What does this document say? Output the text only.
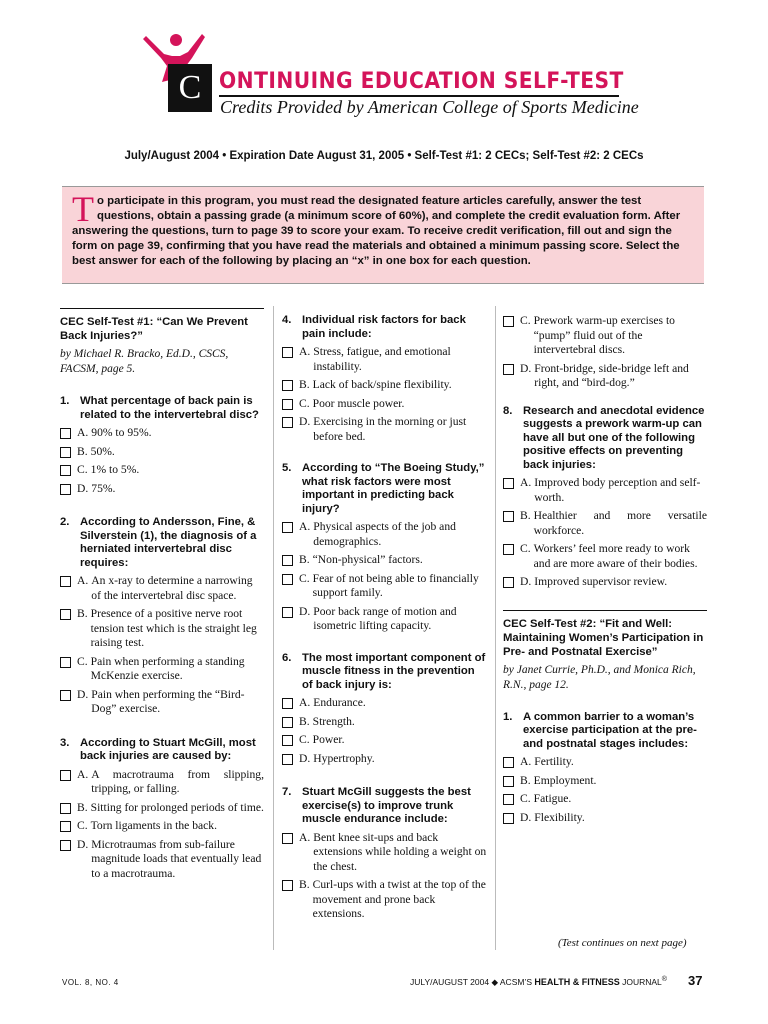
C ONTINUING EDUCATION SELF-TEST
Credits Provided by American College of Sports Medicine
July/August 2004 • Expiration Date August 31, 2005 • Self-Test #1: 2 CECs; Self-Test #2: 2 CECs
To participate in this program, you must read the designated feature articles carefully, answer the test questions, obtain a passing grade (a minimum score of 60%), and complete the credit evaluation form. After answering the questions, turn to page 39 to score your exam. To receive credit verification, fill out and sign the form on page 39, confirming that you have read the materials and obtained a minimum passing score. Select the best answer for each of the following by placing an “x” in one box for each question.
CEC Self-Test #1: “Can We Prevent Back Injuries?”
by Michael R. Bracko, Ed.D., CSCS, FACSM, page 5.
1. What percentage of back pain is related to the intervertebral disc?
A. 90% to 95%.
B. 50%.
C. 1% to 5%.
D. 75%.
2. According to Andersson, Fine, & Silverstein (1), the diagnosis of a herniated intervertebral disc requires:
A. An x-ray to determine a narrowing of the intervertebral disc space.
B. Presence of a positive nerve root tension test which is the straight leg raising test.
C. Pain when performing a standing McKenzie exercise.
D. Pain when performing the “Bird-Dog” exercise.
3. According to Stuart McGill, most back injuries are caused by:
A. A macrotrauma from slipping, tripping, or falling.
B. Sitting for prolonged periods of time.
C. Torn ligaments in the back.
D. Microtraumas from sub-failure magnitude loads that eventually lead to a macrotrauma.
4. Individual risk factors for back pain include:
A. Stress, fatigue, and emotional instability.
B. Lack of back/spine flexibility.
C. Poor muscle power.
D. Exercising in the morning or just before bed.
5. According to “The Boeing Study,” what risk factors were most important in predicting back injury?
A. Physical aspects of the job and demographics.
B. “Non-physical” factors.
C. Fear of not being able to financially support family.
D. Poor back range of motion and isometric lifting capacity.
6. The most important component of muscle fitness in the prevention of back injury is:
A. Endurance.
B. Strength.
C. Power.
D. Hypertrophy.
7. Stuart McGill suggests the best exercise(s) to improve trunk muscle endurance include:
A. Bent knee sit-ups and back extensions while holding a weight on the chest.
B. Curl-ups with a twist at the top of the movement and prone back extensions.
C. Prework warm-up exercises to “pump” fluid out of the intervertebral discs.
D. Front-bridge, side-bridge left and right, and “bird-dog.”
8. Research and anecdotal evidence suggests a prework warm-up can have all but one of the following positive effects on preventing back injuries:
A. Improved body perception and self-worth.
B. Healthier and more versatile workforce.
C. Workers’ feel more ready to work and are more aware of their bodies.
D. Improved supervisor review.
CEC Self-Test #2: “Fit and Well: Maintaining Women’s Participation in Pre- and Postnatal Exercise”
by Janet Currie, Ph.D., and Monica Rich, R.N., page 12.
1. A common barrier to a woman’s exercise participation at the pre- and postnatal stages includes:
A. Fertility.
B. Employment.
C. Fatigue.
D. Flexibility.
(Test continues on next page)
VOL. 8, NO. 4	JULY/AUGUST 2004 ◆ ACSM’S HEALTH & FITNESS JOURNAL® 37
